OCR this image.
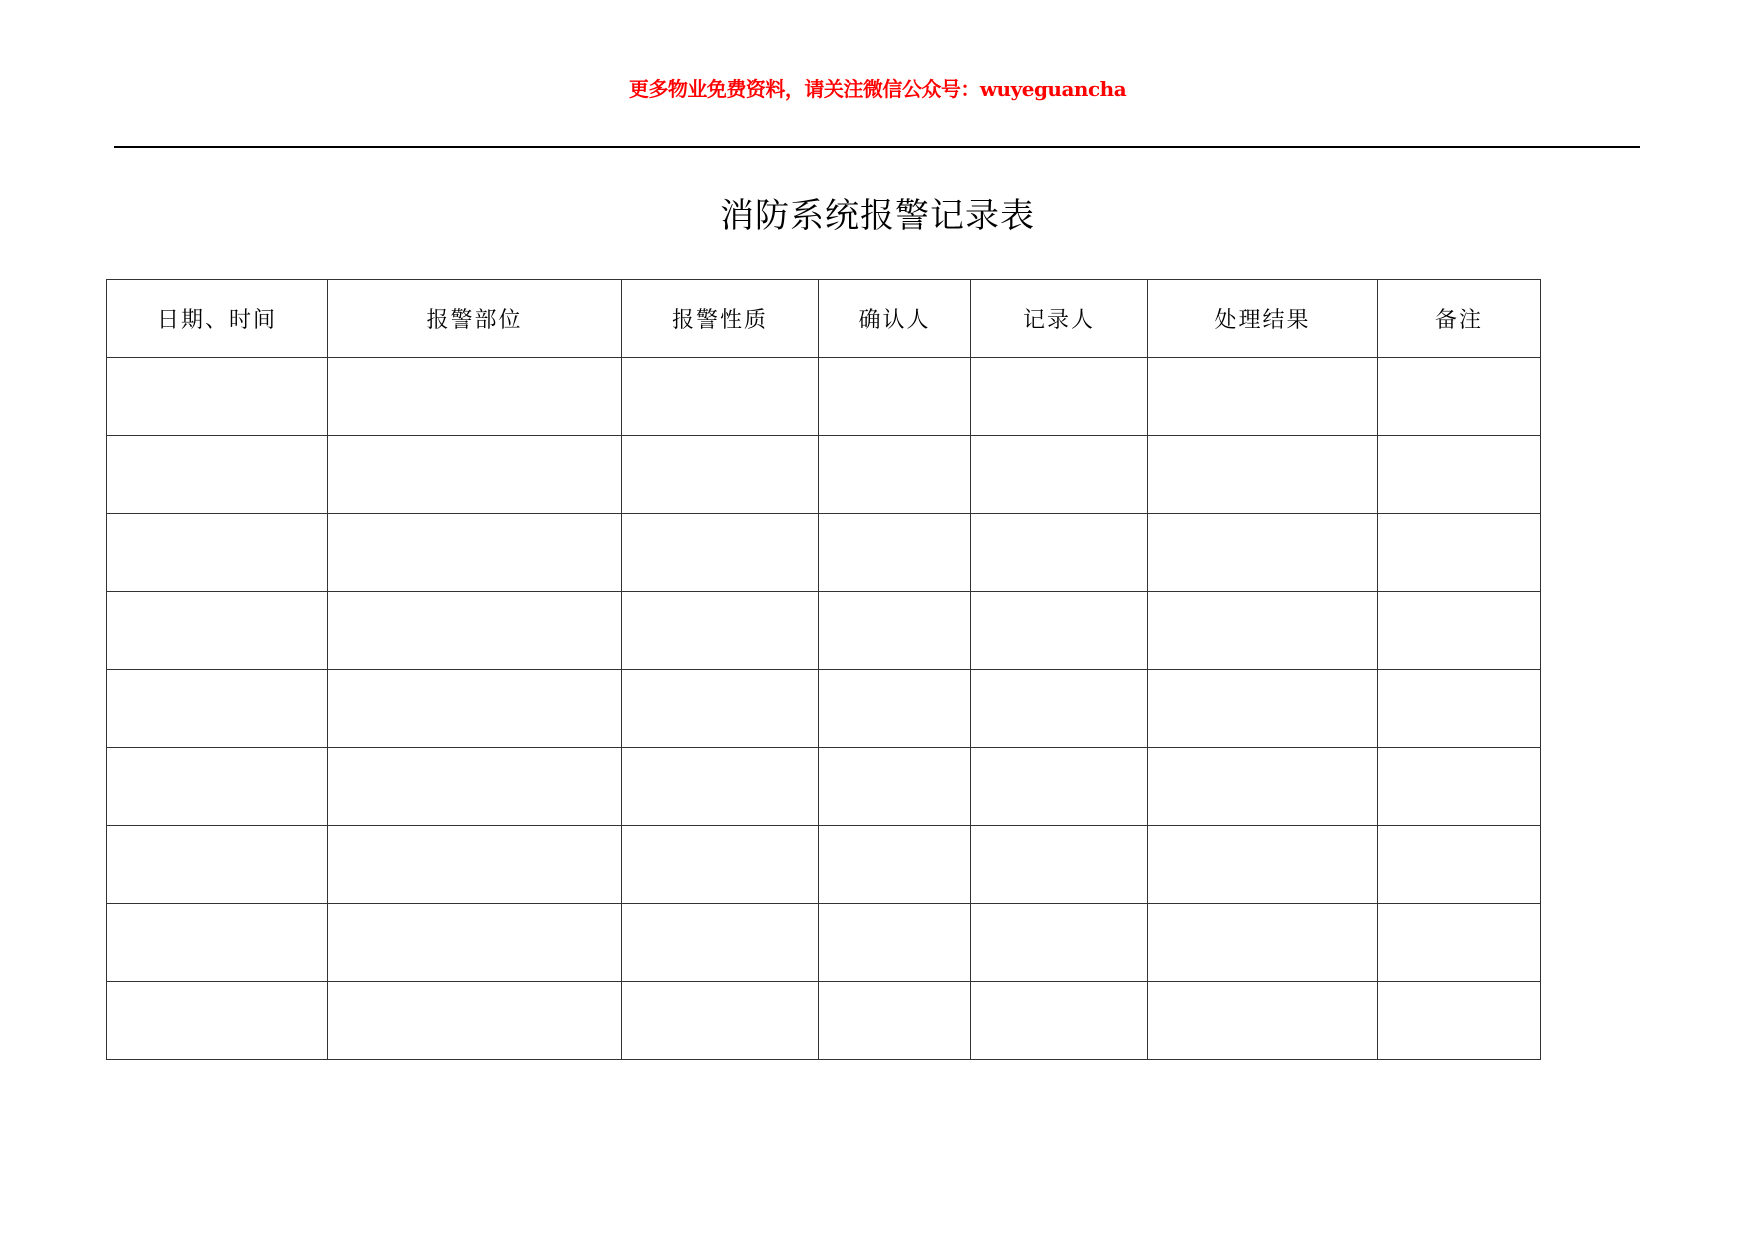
更多物业免费资料，请关注微信公众号：wuyeguancha
消防系统报警记录表
日期、时间	报警部位	报警性质	确认人	记录人	处理结果	备注
